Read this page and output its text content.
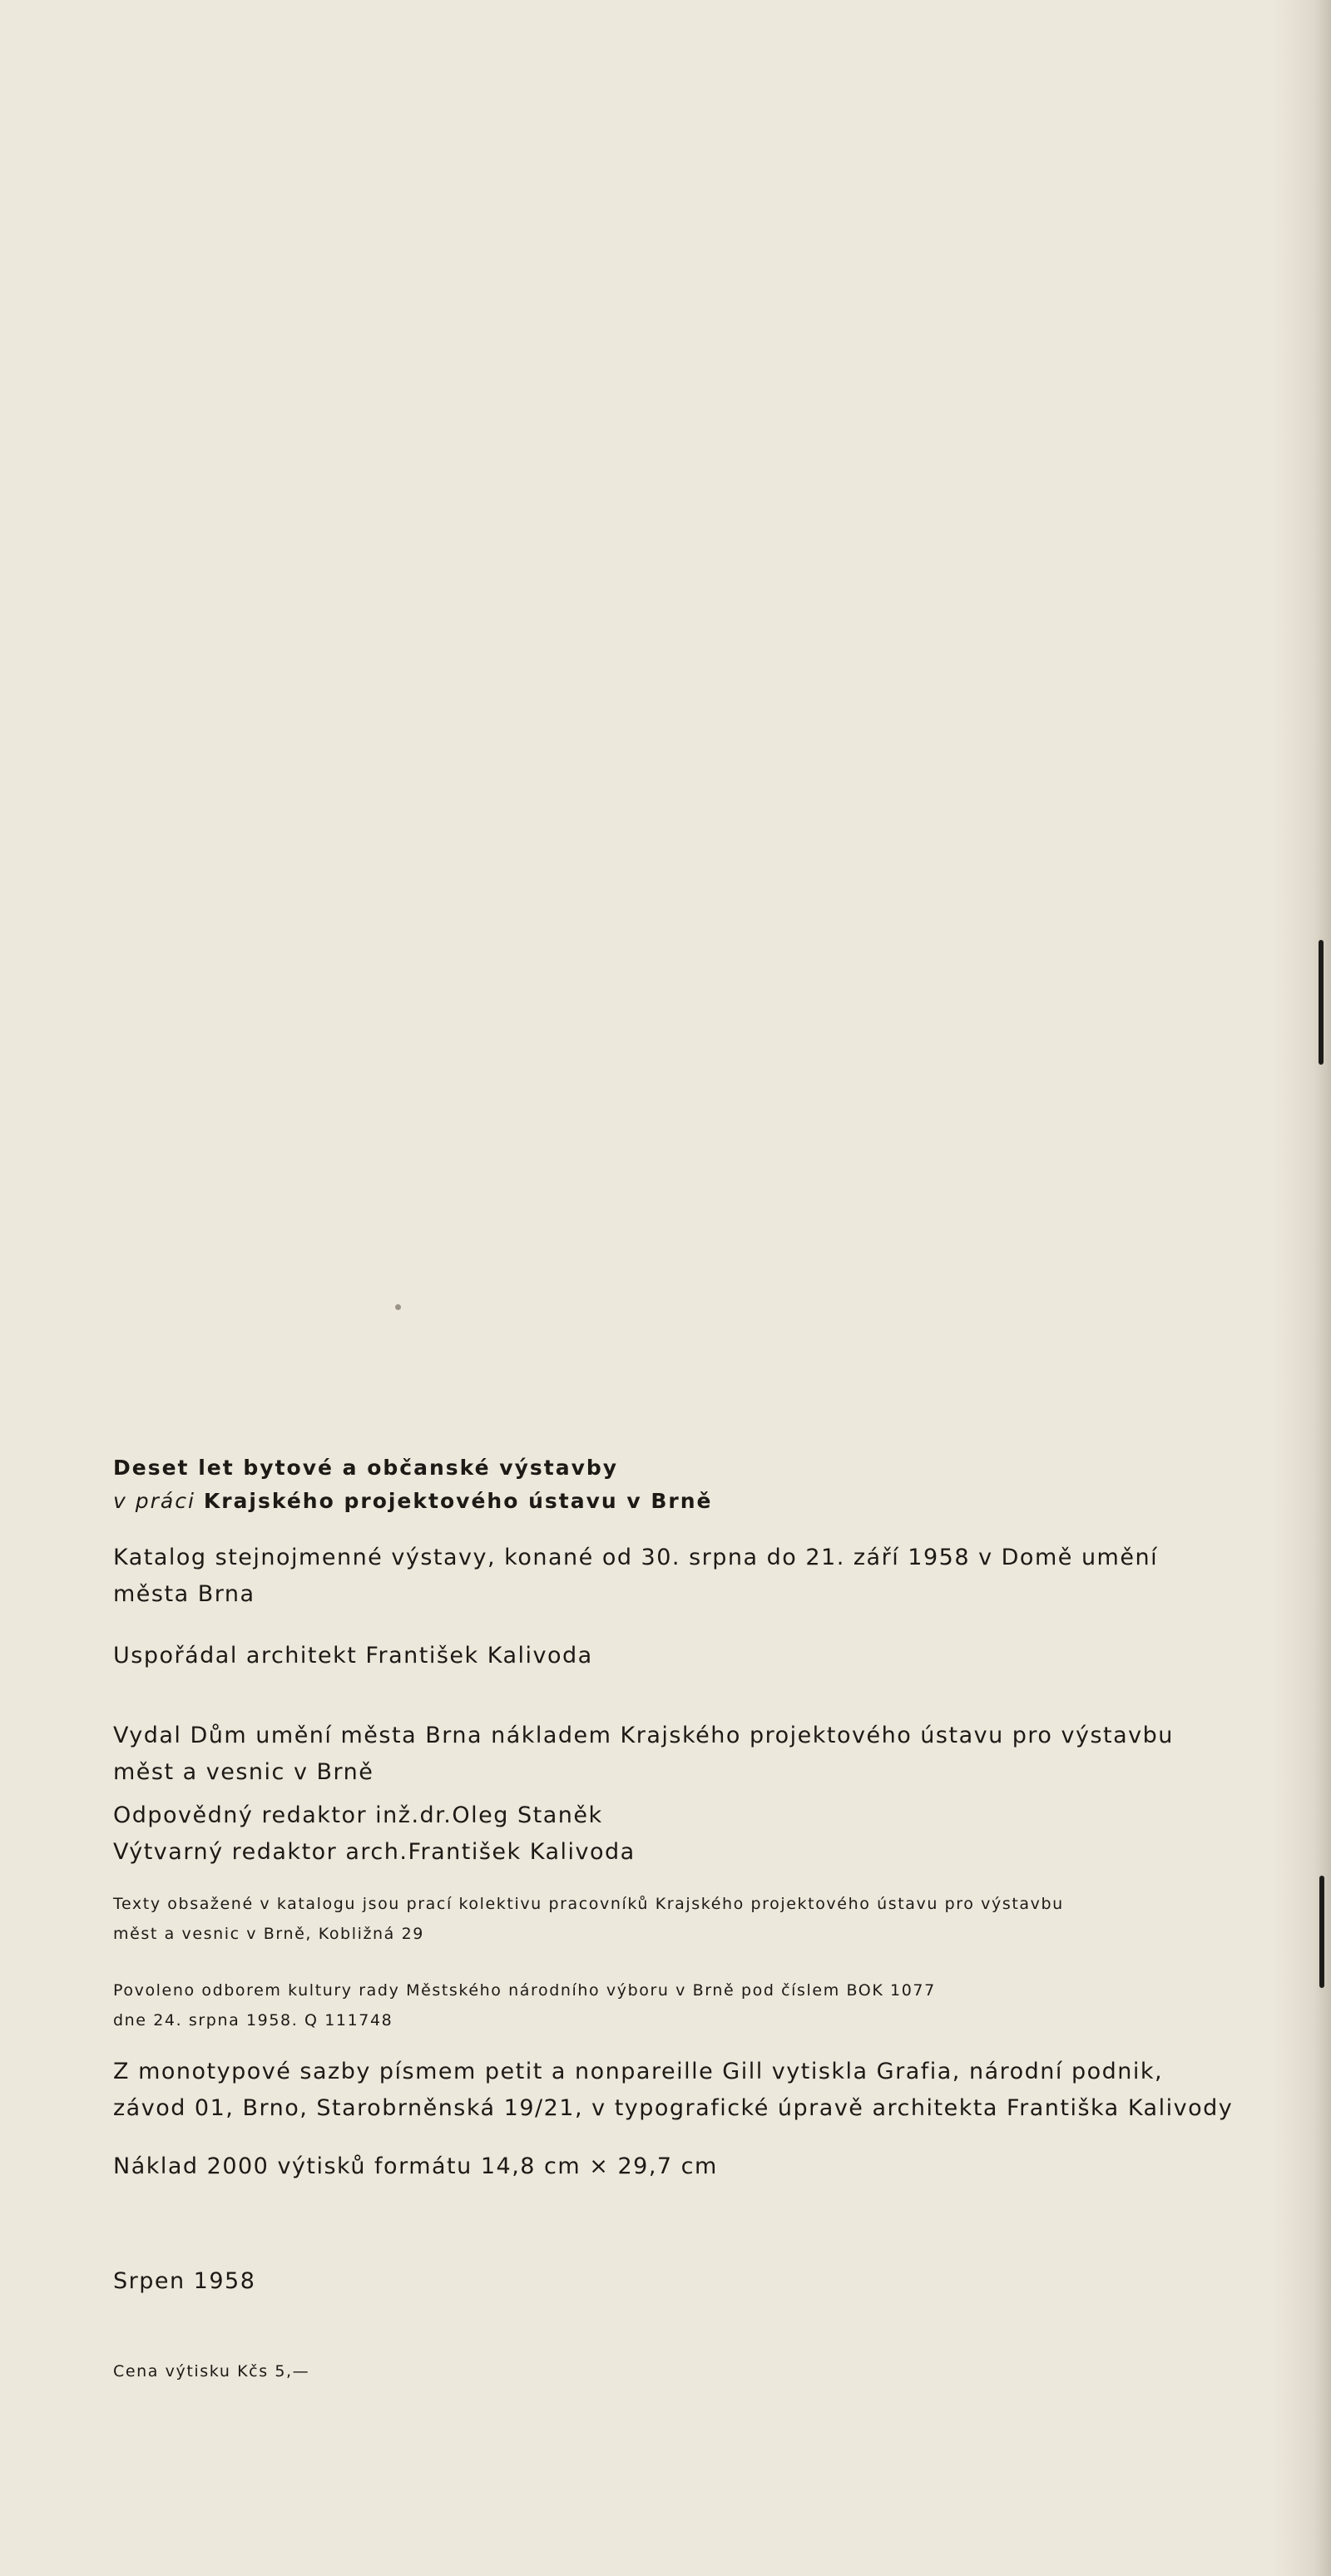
Deset let bytové a občanské výstavby

v práci Krajského projektového ústavu v Brně

Katalog stejnojmenné výstavy, konané od 30. srpna do 21. září 1958 v Domě umění

města Brna

Uspořádal architekt František Kalivoda

Vydal Dům umění města Brna nákladem Krajského projektového ústavu pro výstavbu

měst a vesnic v Brně

Odpovědný redaktor inž.dr.Oleg Staněk

Výtvarný redaktor arch.František Kalivoda

Texty obsažené v katalogu jsou prací kolektivu pracovníků Krajského projektového ústavu pro výstavbu

měst a vesnic v Brně, Kobližná 29

Povoleno odborem kultury rady Městského národního výboru v Brně pod číslem BOK 1077

dne 24. srpna 1958. Q 111748

Z monotypové sazby písmem petit a nonpareille Gill vytiskla Grafia, národní podnik,

závod 01, Brno, Starobrněnská 19/21, v typografické úpravě architekta Františka Kalivody

Náklad 2000 výtisků formátu 14,8 cm × 29,7 cm

Srpen 1958

Cena výtisku Kčs 5,—
